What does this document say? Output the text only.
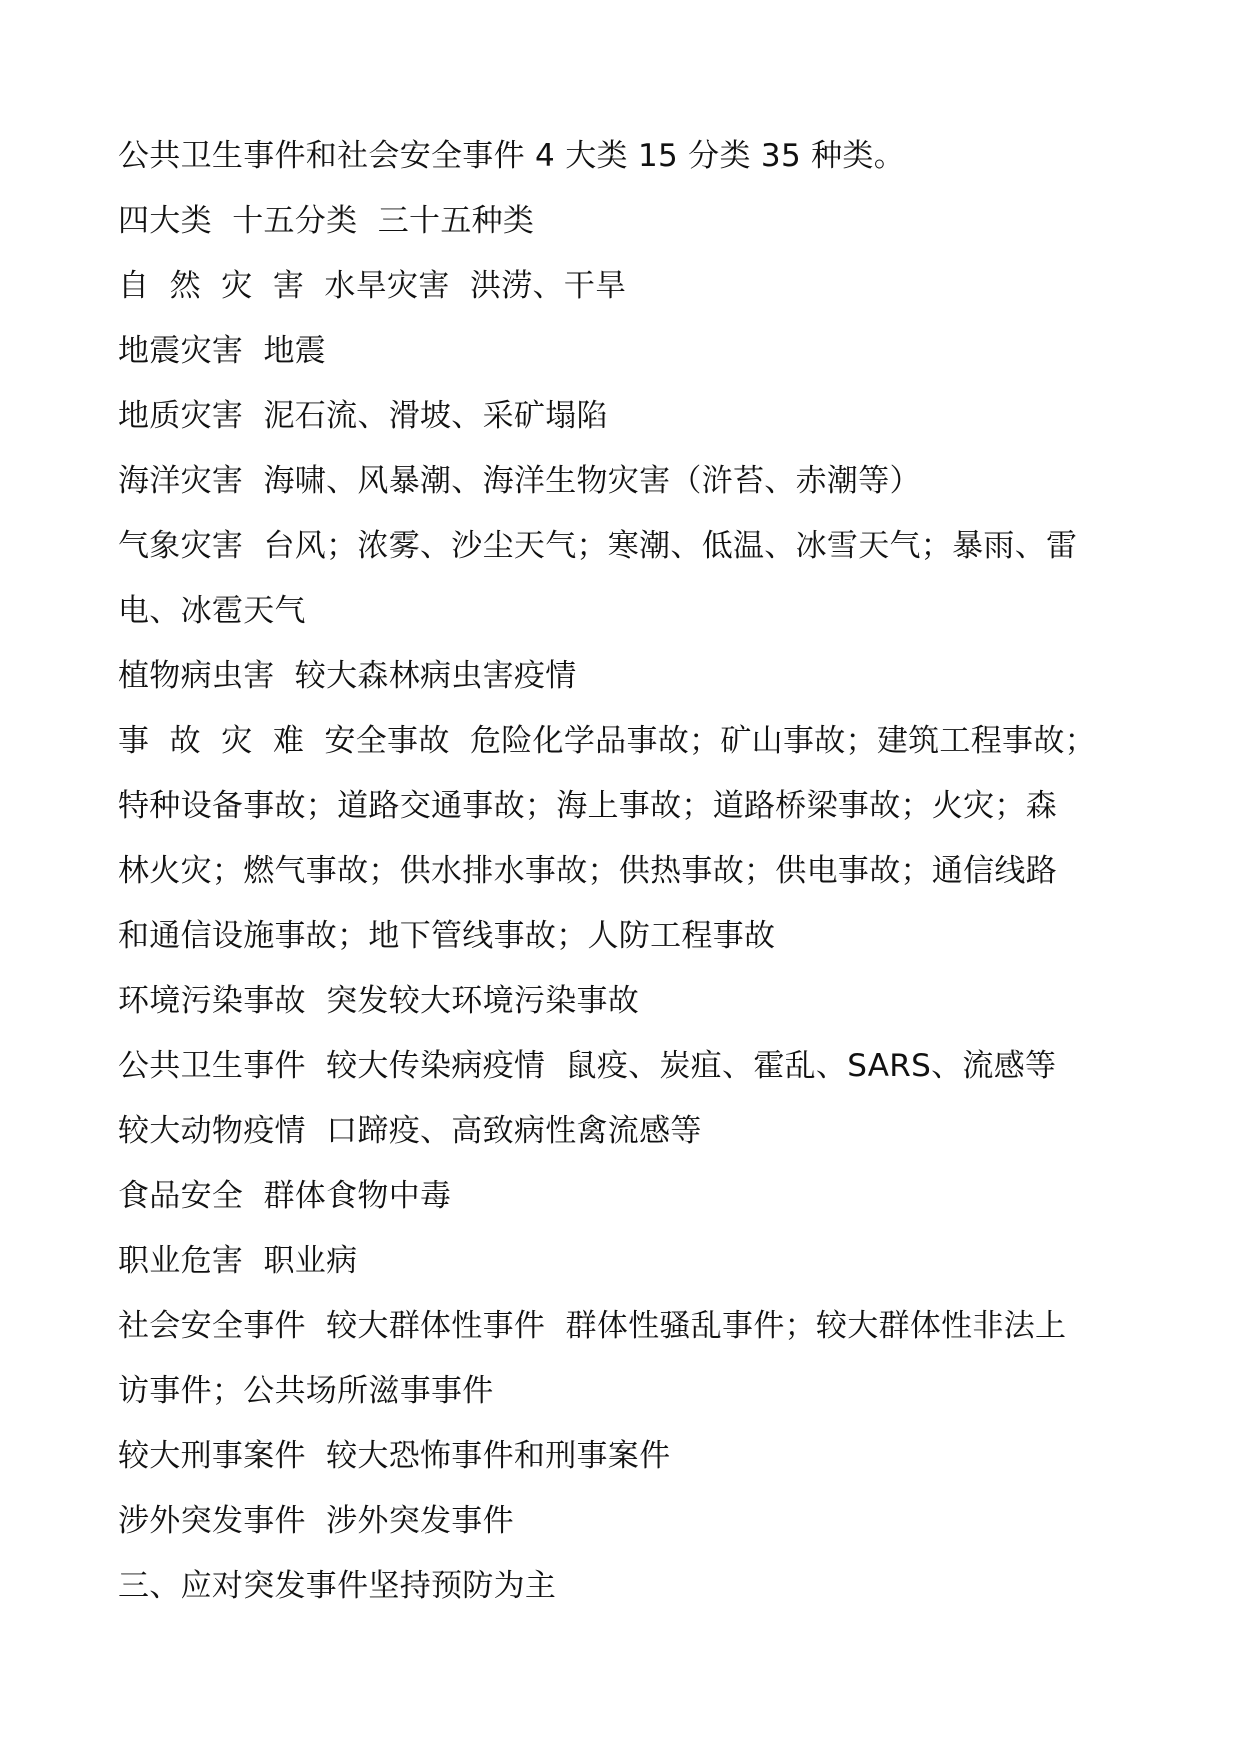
公共卫生事件和社会安全事件 4 大类 15 分类 35 种类。
四大类  十五分类  三十五种类
自  然  灾  害  水旱灾害  洪涝、干旱
地震灾害  地震
地质灾害  泥石流、滑坡、采矿塌陷
海洋灾害  海啸、风暴潮、海洋生物灾害（浒苔、赤潮等）
气象灾害  台风；浓雾、沙尘天气；寒潮、低温、冰雪天气；暴雨、雷
电、冰雹天气
植物病虫害  较大森林病虫害疫情
事  故  灾  难  安全事故  危险化学品事故；矿山事故；建筑工程事故；
特种设备事故；道路交通事故；海上事故；道路桥梁事故；火灾；森
林火灾；燃气事故；供水排水事故；供热事故；供电事故；通信线路
和通信设施事故；地下管线事故；人防工程事故
环境污染事故  突发较大环境污染事故
公共卫生事件  较大传染病疫情  鼠疫、炭疽、霍乱、SARS、流感等
较大动物疫情  口蹄疫、高致病性禽流感等
食品安全  群体食物中毒
职业危害  职业病
社会安全事件  较大群体性事件  群体性骚乱事件；较大群体性非法上
访事件；公共场所滋事事件
较大刑事案件  较大恐怖事件和刑事案件
涉外突发事件  涉外突发事件
三、应对突发事件坚持预防为主
